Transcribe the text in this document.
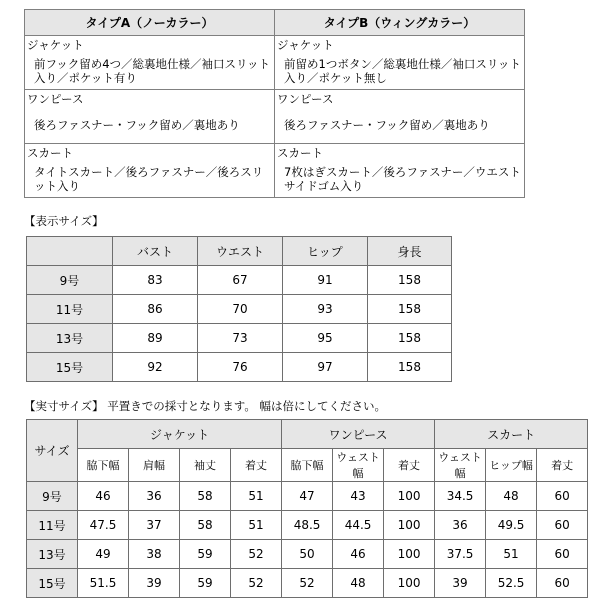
タイプA（ノーカラー）	タイプB（ウィングカラー）
ジャケット	ジャケット
前フック留め4つ／総裏地仕様／袖口スリット入り／ポケット有り	前留め1つボタン／総裏地仕様／袖口スリット入り／ポケット無し
ワンピース	ワンピース
後ろファスナー・フック留め／裏地あり	後ろファスナー・フック留め／裏地あり
スカート	スカート
タイトスカート／後ろファスナー／後ろスリット入り	7枚はぎスカート／後ろファスナー／ウエストサイドゴム入り

【表示サイズ】

	バスト	ウエスト	ヒップ	身長
9号	83	67	91	158
11号	86	70	93	158
13号	89	73	95	158
15号	92	76	97	158

【実寸サイズ】 平置きでの採寸となります。 幅は倍にしてください。

サイズ	ジャケット				ワンピース			スカート		
	脇下幅	肩幅	袖丈	着丈	脇下幅	ウェスト幅	着丈	ウェスト幅	ヒップ幅	着丈
9号	46	36	58	51	47	43	100	34.5	48	60
11号	47.5	37	58	51	48.5	44.5	100	36	49.5	60
13号	49	38	59	52	50	46	100	37.5	51	60
15号	51.5	39	59	52	52	48	100	39	52.5	60
